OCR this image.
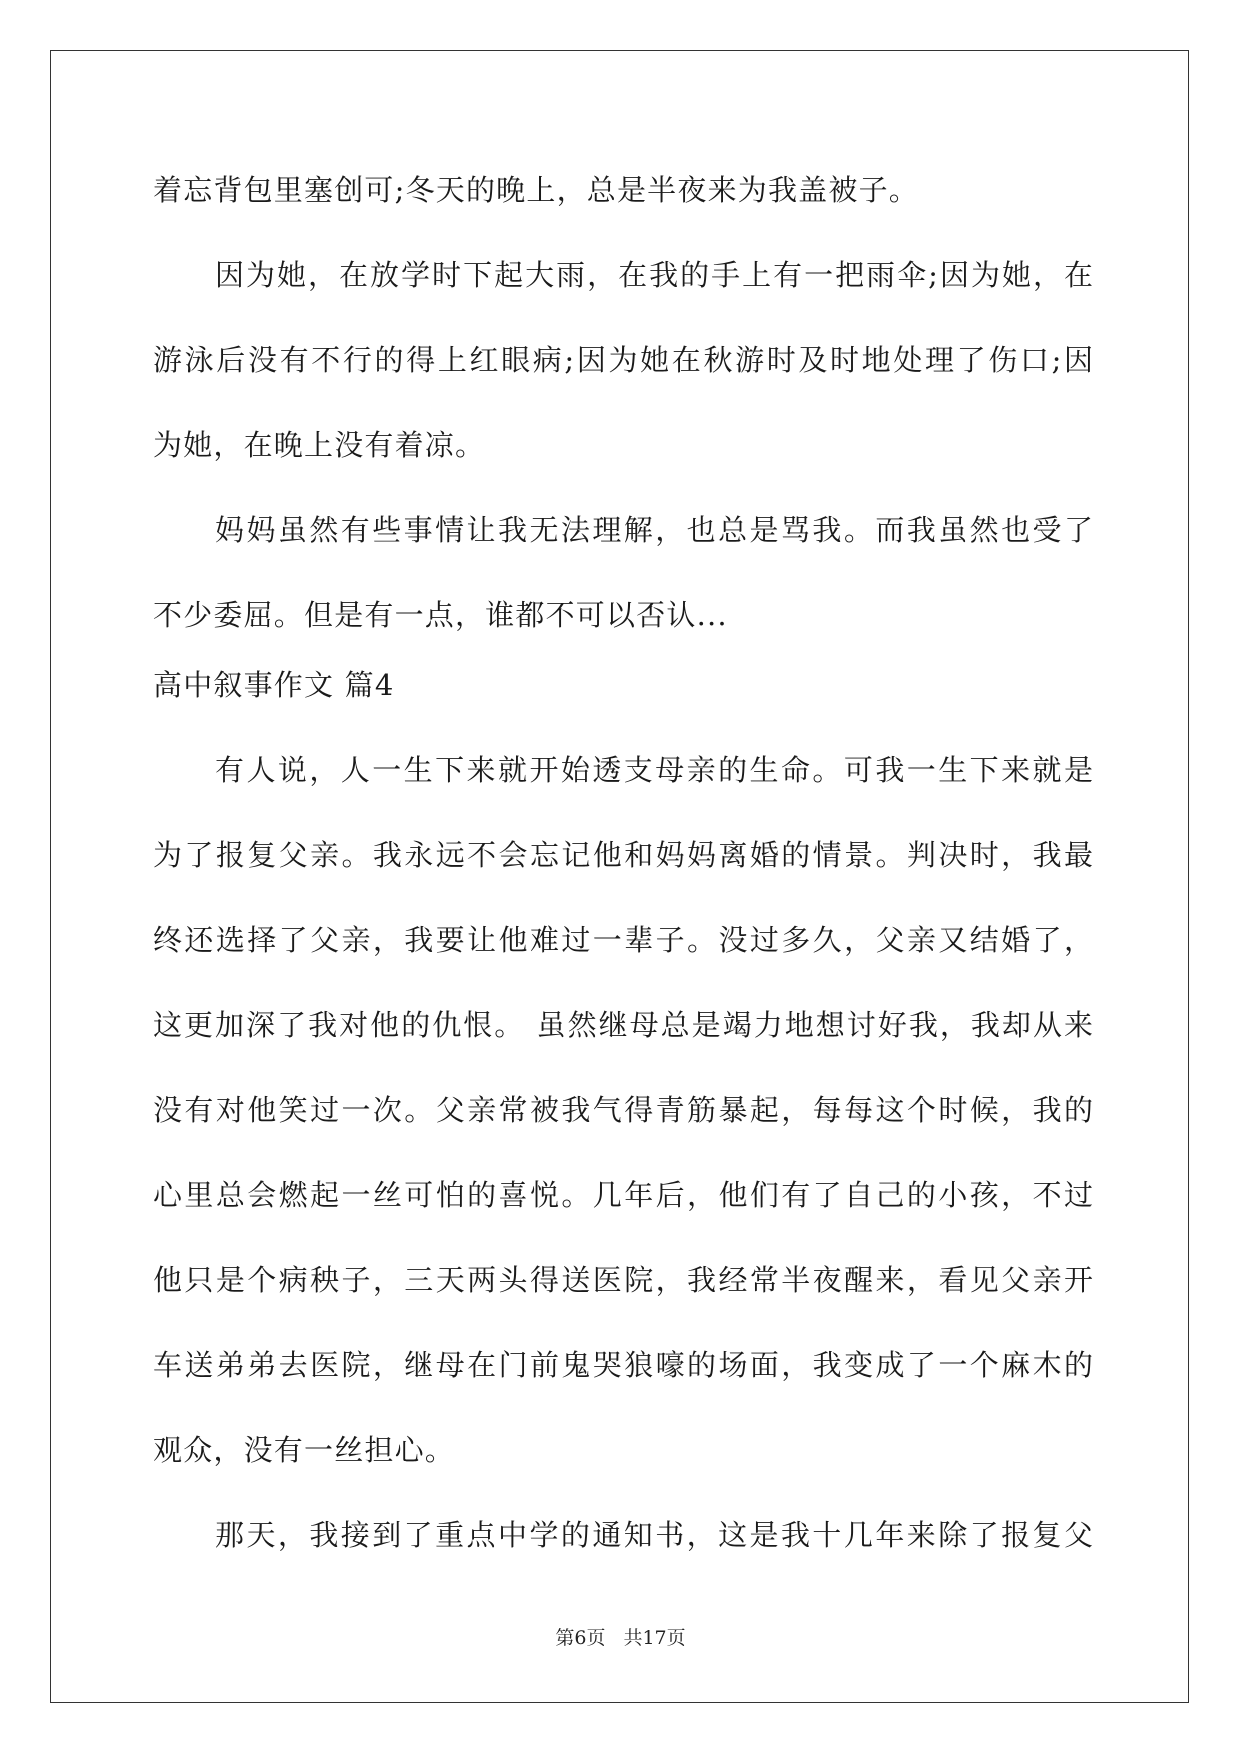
着忘背包里塞创可;冬天的晚上，总是半夜来为我盖被子。
因为她，在放学时下起大雨，在我的手上有一把雨伞;因为她，在
游泳后没有不行的得上红眼病;因为她在秋游时及时地处理了伤口;因
为她，在晚上没有着凉。
妈妈虽然有些事情让我无法理解，也总是骂我。而我虽然也受了
不少委屈。但是有一点，谁都不可以否认...
高中叙事作文 篇4
有人说，人一生下来就开始透支母亲的生命。可我一生下来就是
为了报复父亲。我永远不会忘记他和妈妈离婚的情景。判决时，我最
终还选择了父亲，我要让他难过一辈子。没过多久，父亲又结婚了，
这更加深了我对他的仇恨。 虽然继母总是竭力地想讨好我，我却从来
没有对他笑过一次。父亲常被我气得青筋暴起，每每这个时候，我的
心里总会燃起一丝可怕的喜悦。几年后，他们有了自己的小孩，不过
他只是个病秧子，三天两头得送医院，我经常半夜醒来，看见父亲开
车送弟弟去医院，继母在门前鬼哭狼嚎的场面，我变成了一个麻木的
观众，没有一丝担心。
那天，我接到了重点中学的通知书，这是我十几年来除了报复父
第6页 共17页
